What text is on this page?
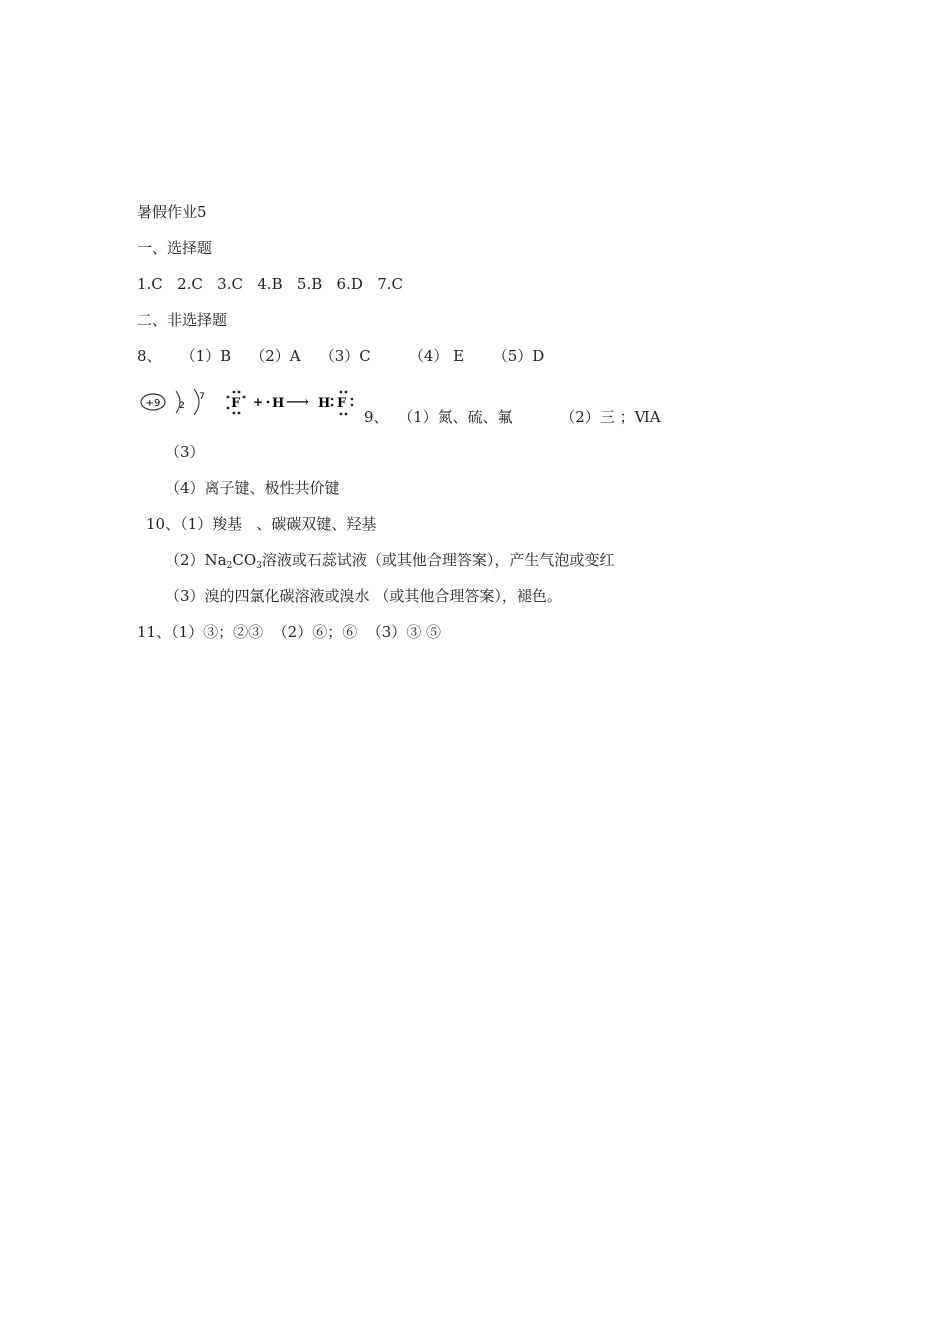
暑假作业5
一、选择题
1.C   2.C   3.C   4.B   5.B   6.D   7.C
二、非选择题
8、    （1）B    （2）A    （3）C        （4） E      （5）D
+9 2
7 F + H ⟶ H F
9、  （1）氮、硫、氟          （2）三 ；ⅥA
（3）
（4）离子键、极性共价键
10、（1）羧基   、碳碳双键、羟基
$(2)Na_2CO_3$溶液或石蕊试液（或其他合理答案），产生气泡或变红
（3）溴的四氯化碳溶液或溴水 （或其他合理答案），褪色。
11、（1）③；②③  （2）⑥；⑥  （3）③ ⑤
